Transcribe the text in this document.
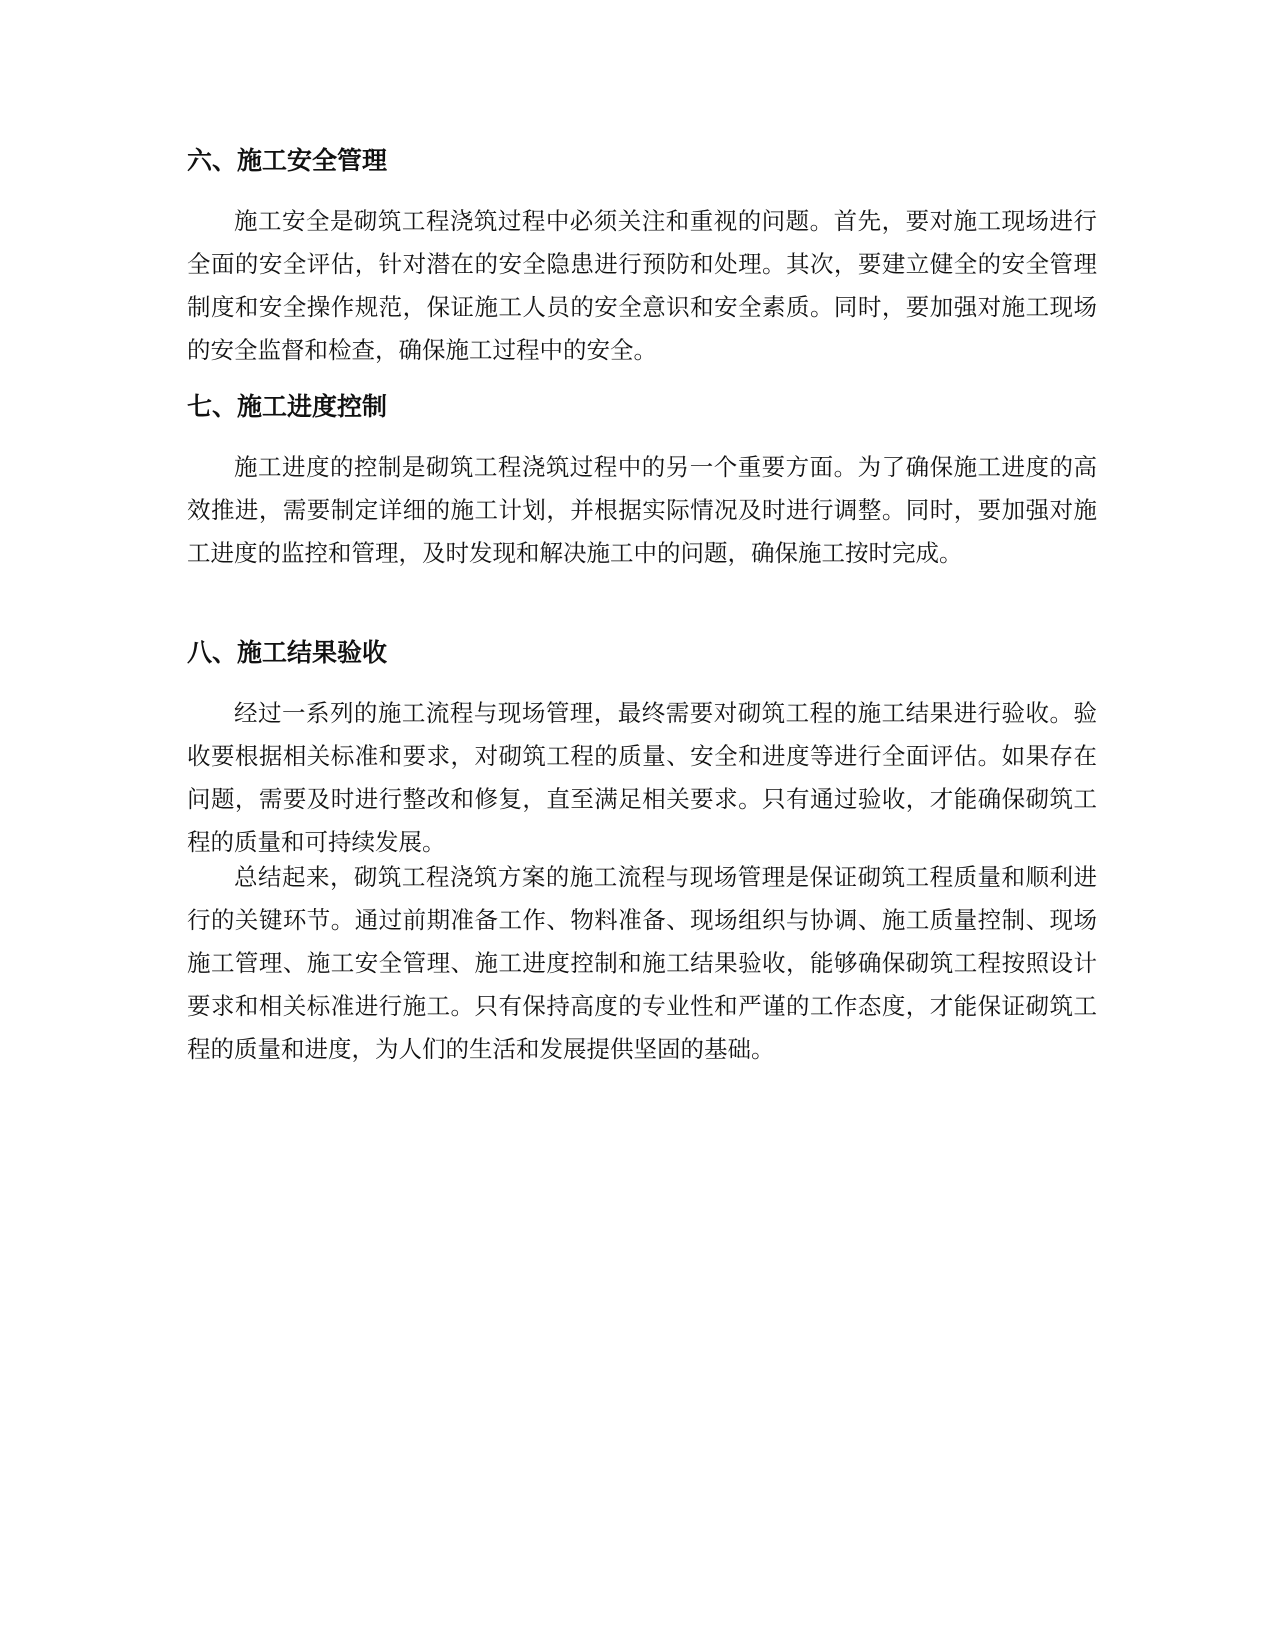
六、施工安全管理

施工安全是砌筑工程浇筑过程中必须关注和重视的问题。首先，要对施工现场进行全面的安全评估，针对潜在的安全隐患进行预防和处理。其次，要建立健全的安全管理制度和安全操作规范，保证施工人员的安全意识和安全素质。同时，要加强对施工现场的安全监督和检查，确保施工过程中的安全。

七、施工进度控制

施工进度的控制是砌筑工程浇筑过程中的另一个重要方面。为了确保施工进度的高效推进，需要制定详细的施工计划，并根据实际情况及时进行调整。同时，要加强对施工进度的监控和管理，及时发现和解决施工中的问题，确保施工按时完成。

八、施工结果验收

经过一系列的施工流程与现场管理，最终需要对砌筑工程的施工结果进行验收。验收要根据相关标准和要求，对砌筑工程的质量、安全和进度等进行全面评估。如果存在问题，需要及时进行整改和修复，直至满足相关要求。只有通过验收，才能确保砌筑工程的质量和可持续发展。

总结起来，砌筑工程浇筑方案的施工流程与现场管理是保证砌筑工程质量和顺利进行的关键环节。通过前期准备工作、物料准备、现场组织与协调、施工质量控制、现场施工管理、施工安全管理、施工进度控制和施工结果验收，能够确保砌筑工程按照设计要求和相关标准进行施工。只有保持高度的专业性和严谨的工作态度，才能保证砌筑工程的质量和进度，为人们的生活和发展提供坚固的基础。
